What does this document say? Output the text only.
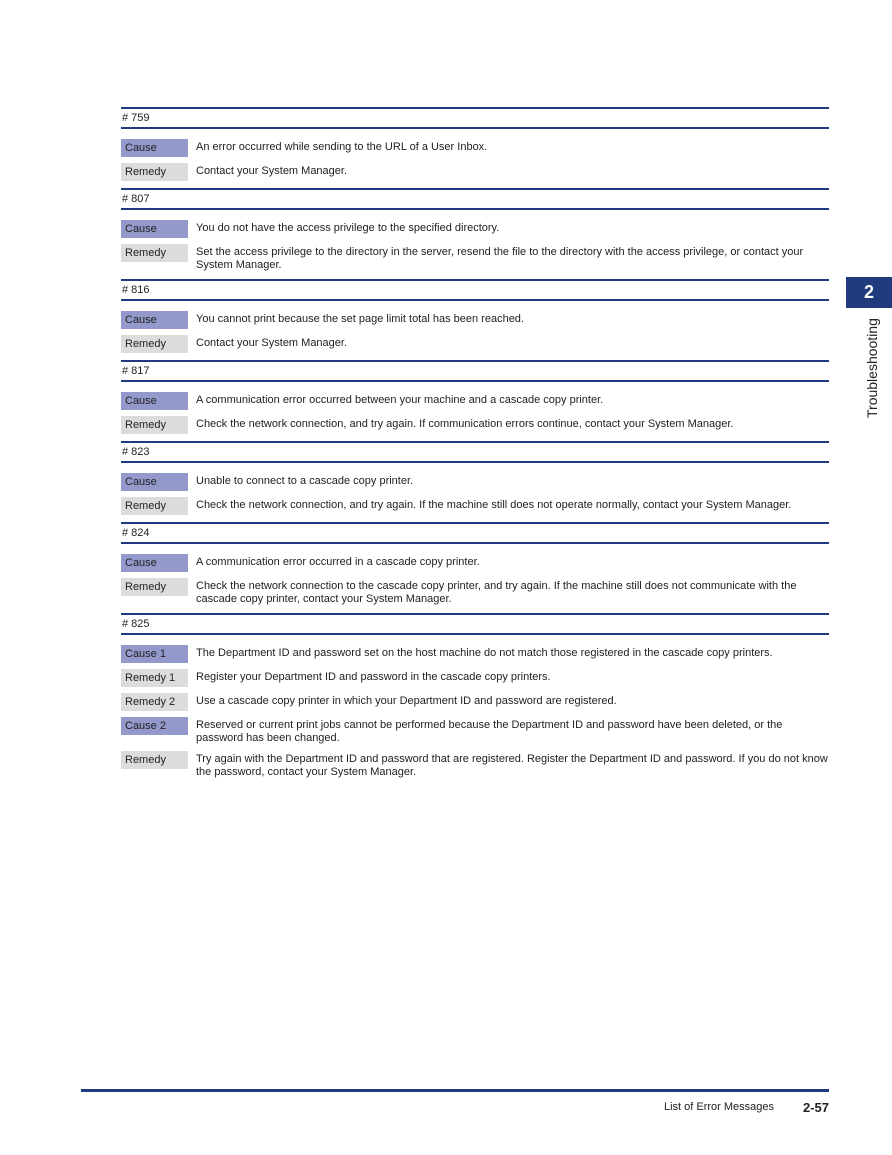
# 759
Cause	An error occurred while sending to the URL of a User Inbox.
Remedy	Contact your System Manager.
# 807
Cause	You do not have the access privilege to the specified directory.
Remedy	Set the access privilege to the directory in the server, resend the file to the directory with the access privilege, or contact your System Manager.
# 816
Cause	You cannot print because the set page limit total has been reached.
Remedy	Contact your System Manager.
# 817
Cause	A communication error occurred between your machine and a cascade copy printer.
Remedy	Check the network connection, and try again. If communication errors continue, contact your System Manager.
# 823
Cause	Unable to connect to a cascade copy printer.
Remedy	Check the network connection, and try again. If the machine still does not operate normally, contact your System Manager.
# 824
Cause	A communication error occurred in a cascade copy printer.
Remedy	Check the network connection to the cascade copy printer, and try again. If the machine still does not communicate with the cascade copy printer, contact your System Manager.
# 825
Cause 1	The Department ID and password set on the host machine do not match those registered in the cascade copy printers.
Remedy 1	Register your Department ID and password in the cascade copy printers.
Remedy 2	Use a cascade copy printer in which your Department ID and password are registered.
Cause 2	Reserved or current print jobs cannot be performed because the Department ID and password have been deleted, or the password has been changed.
Remedy	Try again with the Department ID and password that are registered. Register the Department ID and password. If you do not know the password, contact your System Manager.
2
Troubleshooting
List of Error Messages 2-57
